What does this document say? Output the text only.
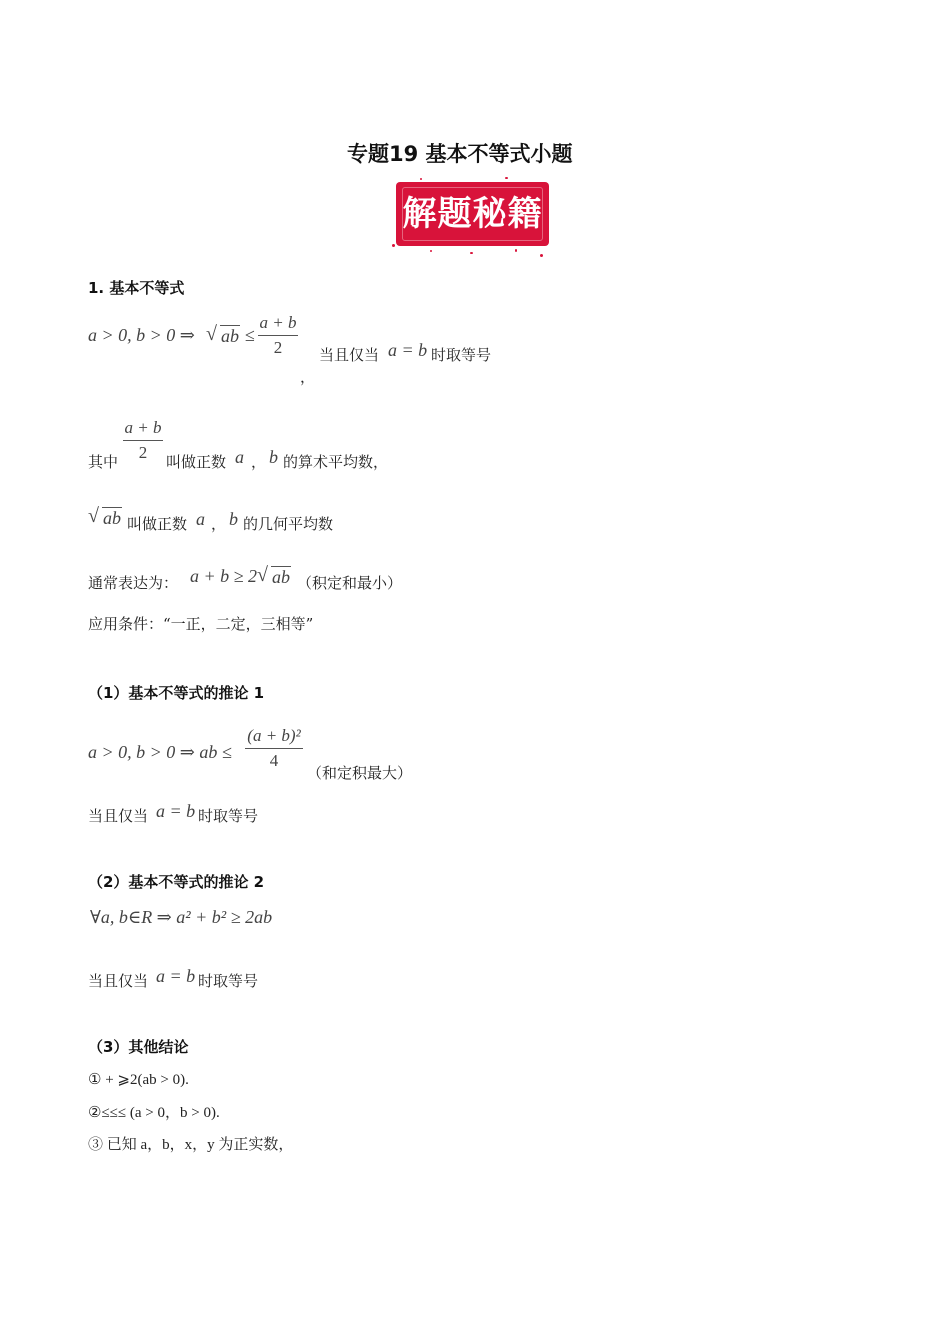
专题19 基本不等式小题
解题秘籍
1. 基本不等式
a > 0, b > 0 ⇒ √ ab ≤
a + b
2
，
当且仅当 a = b 时取等号
a + b
2
其中	叫做正数 a ， b 的算术平均数，
√ ab 叫做正数 a ， b 的几何平均数
通常表达为： a + b ≥ 2 √ ab （积定和最小）
应用条件：“一正，二定，三相等”
（1）基本不等式的推论 1
a > 0, b > 0 ⇒ ab ≤
(a + b)²
4
（和定积最大）
当且仅当 a = b 时取等号
（2）基本不等式的推论 2
∀a, b∈R ⇒ a² + b² ≥ 2ab
当且仅当 a = b 时取等号
（3）其他结论
① + ⩾2(ab > 0).
②≤≤≤ (a > 0，b > 0).
③ 已知 a，b，x，y 为正实数，
